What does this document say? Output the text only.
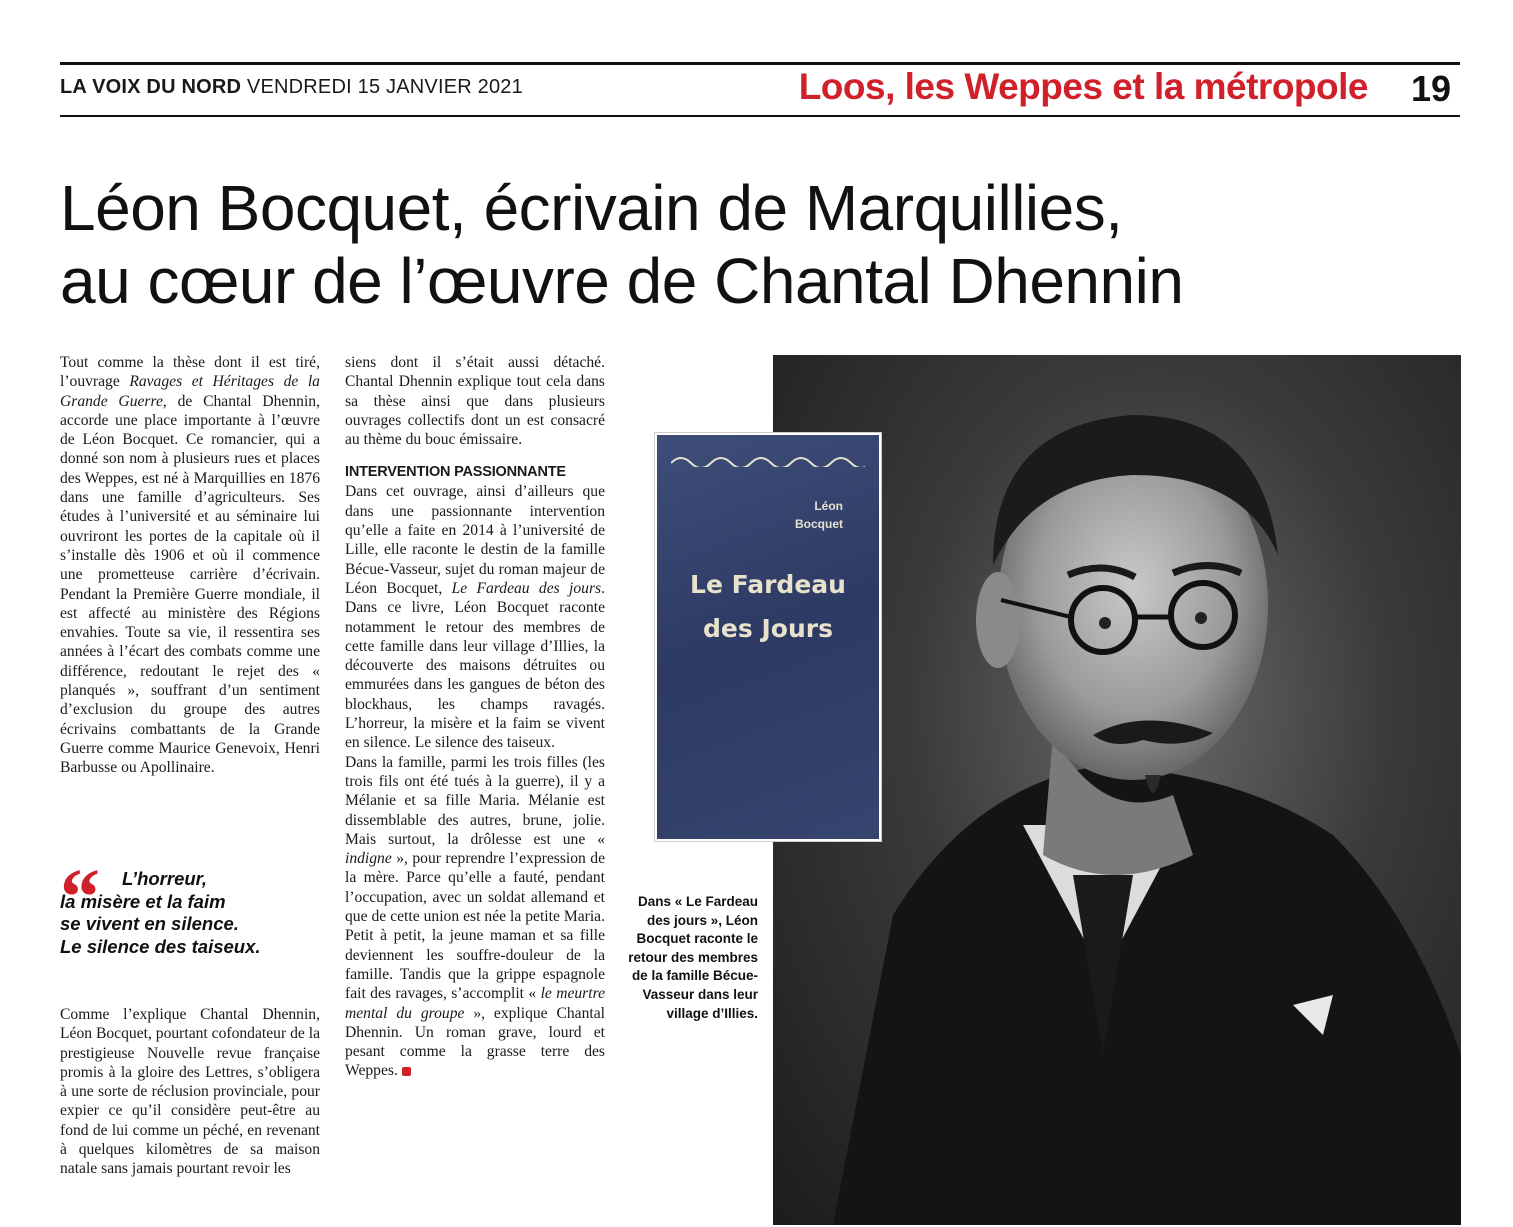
LA VOIX DU NORD VENDREDI 15 JANVIER 2021	Loos, les Weppes et la métropole 19
Léon Bocquet, écrivain de Marquillies,
au cœur de l’œuvre de Chantal Dhennin

Tout comme la thèse dont il est tiré, l’ouvrage Ravages et Héritages de la Grande Guerre, de Chantal Dhennin, accorde une place importante à l’œuvre de Léon Bocquet. Ce romancier, qui a donné son nom à plusieurs rues et places des Weppes, est né à Marquillies en 1876 dans une famille d’agriculteurs. Ses études à l’université et au séminaire lui ouvriront les portes de la capitale où il s’installe dès 1906 et où il commence une prometteuse carrière d’écrivain. Pendant la Première Guerre mondiale, il est affecté au ministère des Régions envahies. Toute sa vie, il ressentira ses années à l’écart des combats comme une différence, redoutant le rejet des « planqués », souffrant d’un sentiment d’exclusion du groupe des autres écrivains combattants de la Grande Guerre comme Maurice Genevoix, Henri Barbusse ou Apollinaire.

“	L’horreur,
la misère et la faim
se vivent en silence.
Le silence des taiseux.

Comme l’explique Chantal Dhennin, Léon Bocquet, pourtant cofondateur de la prestigieuse Nouvelle revue française promis à la gloire des Lettres, s’obligera à une sorte de réclusion provinciale, pour expier ce qu’il considère peut-être au fond de lui comme un péché, en revenant à quelques kilomètres de sa maison natale sans jamais pourtant revoir les

siens dont il s’était aussi détaché. Chantal Dhennin explique tout cela dans sa thèse ainsi que dans plusieurs ouvrages collectifs dont un est consacré au thème du bouc émissaire.

INTERVENTION PASSIONNANTE

Dans cet ouvrage, ainsi d’ailleurs que dans une passionnante intervention qu’elle a faite en 2014 à l’université de Lille, elle raconte le destin de la famille Bécue-Vasseur, sujet du roman majeur de Léon Bocquet, Le Fardeau des jours. Dans ce livre, Léon Bocquet raconte notamment le retour des membres de cette famille dans leur village d’Illies, la découverte des maisons détruites ou emmurées dans les gangues de béton des blockhaus, les champs ravagés. L’horreur, la misère et la faim se vivent en silence. Le silence des taiseux.

Dans la famille, parmi les trois filles (les trois fils ont été tués à la guerre), il y a Mélanie et sa fille Maria. Mélanie est dissemblable des autres, brune, jolie. Mais surtout, la drôlesse est une « indigne », pour reprendre l’expression de la mère. Parce qu’elle a fauté, pendant l’occupation, avec un soldat allemand et que de cette union est née la petite Maria. Petit à petit, la jeune maman et sa fille deviennent les souffre-douleur de la famille. Tandis que la grippe espagnole fait des ravages, s’accomplit « le meurtre mental du groupe », explique Chantal Dhennin. Un roman grave, lourd et pesant comme la grasse terre des Weppes.

Léon
Bocquet
Le Fardeau
des Jours
Dans « Le Fardeau des jours », Léon Bocquet raconte le retour des membres de la famille Bécue-Vasseur dans leur village d’Illies.
